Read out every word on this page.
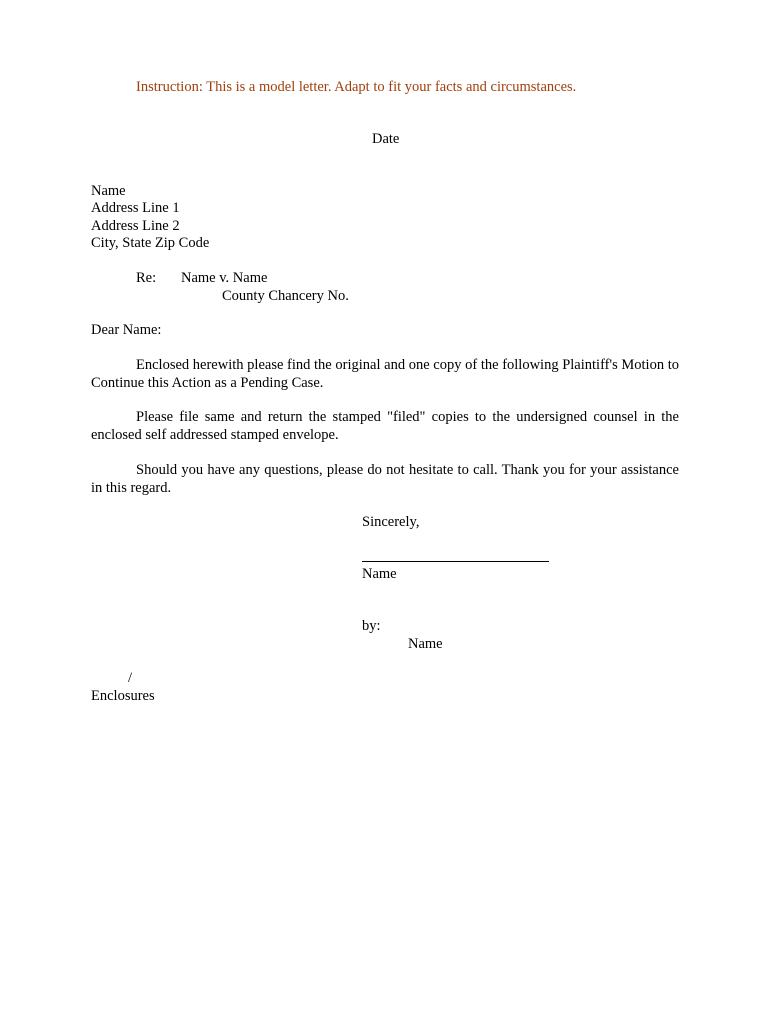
Instruction: This is a model letter. Adapt to fit your facts and circumstances.
Date
Name
Address Line 1
Address Line 2
City, State Zip Code
Re: Name v. Name
County Chancery No.
Dear Name:
Enclosed herewith please find the original and one copy of the following Plaintiff's Motion to Continue this Action as a Pending Case.
Please file same and return the stamped "filed" copies to the undersigned counsel in the enclosed self addressed stamped envelope.
Should you have any questions, please do not hesitate to call. Thank you for your assistance in this regard.
Sincerely,
Name
by:
Name
/
Enclosures
